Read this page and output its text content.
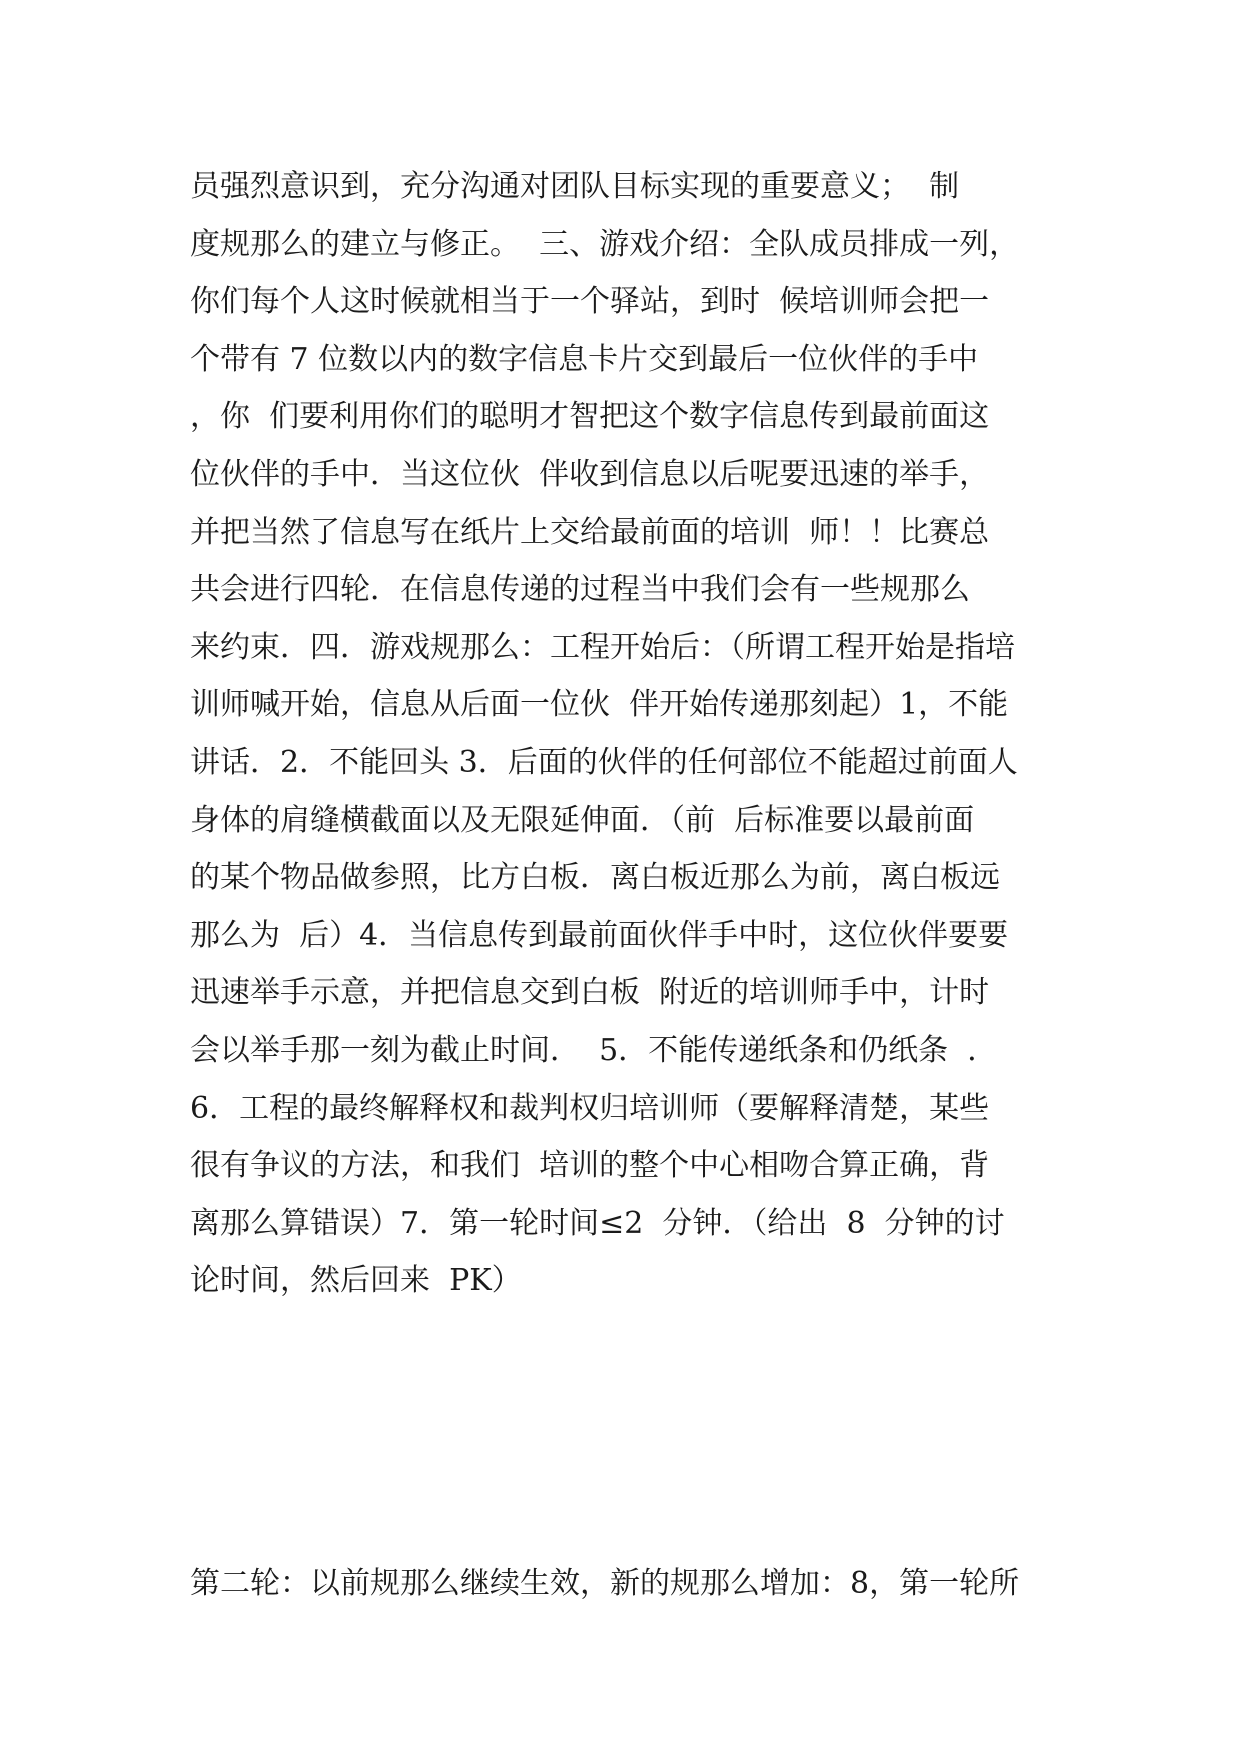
员强烈意识到，充分沟通对团队目标实现的重要意义；  制
度规那么的建立与修正。  三、游戏介绍：全队成员排成一列，
你们每个人这时候就相当于一个驿站，到时  候培训师会把一
个带有 7 位数以内的数字信息卡片交到最后一位伙伴的手中
，你  们要利用你们的聪明才智把这个数字信息传到最前面这
位伙伴的手中．当这位伙  伴收到信息以后呢要迅速的举手，
并把当然了信息写在纸片上交给最前面的培训  师！！比赛总
共会进行四轮．在信息传递的过程当中我们会有一些规那么
来约束．四．游戏规那么：工程开始后：（所谓工程开始是指培
训师喊开始，信息从后面一位伙  伴开始传递那刻起）1，不能
讲话．2．不能回头 3．后面的伙伴的任何部位不能超过前面人
身体的肩缝横截面以及无限延伸面．（前  后标准要以最前面
的某个物品做参照，比方白板．离白板近那么为前，离白板远
那么为  后）4．当信息传到最前面伙伴手中时，这位伙伴要要
迅速举手示意，并把信息交到白板  附近的培训师手中，计时
会以举手那一刻为截止时间．  5．不能传递纸条和仍纸条  ．
6．工程的最终解释权和裁判权归培训师（要解释清楚，某些
很有争议的方法，和我们  培训的整个中心相吻合算正确，背
离那么算错误）7．第一轮时间≤2  分钟．（给出  8  分钟的讨
论时间，然后回来  PK）
第二轮：以前规那么继续生效，新的规那么增加：8，第一轮所
